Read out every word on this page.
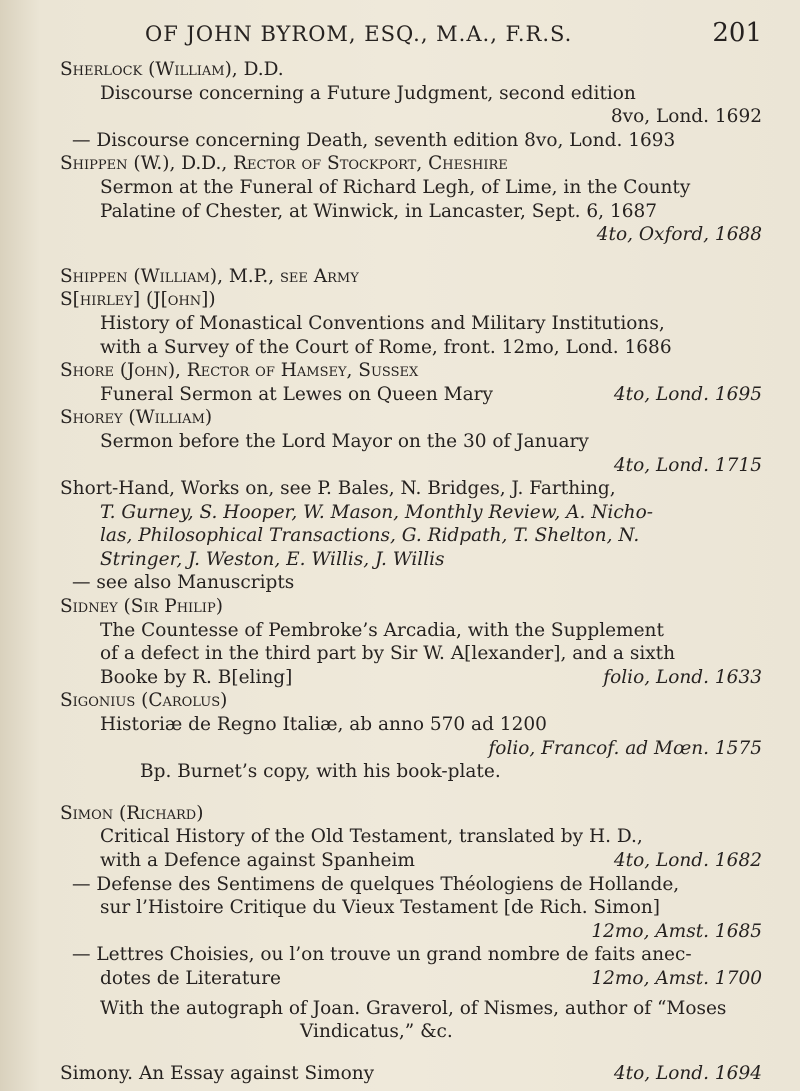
OF JOHN BYROM, ESQ., M.A., F.R.S.	201
Sherlock (William), D.D.
Discourse concerning a Future Judgment, second edition
8vo, Lond. 1692
— Discourse concerning Death, seventh edition 8vo, Lond. 1693
Shippen (W.), D.D., Rector of Stockport, Cheshire
Sermon at the Funeral of Richard Legh, of Lime, in the County
Palatine of Chester, at Winwick, in Lancaster, Sept. 6, 1687
4to, Oxford, 1688
Shippen (William), M.P., see Army
S[hirley] (J[ohn])
History of Monastical Conventions and Military Institutions,
with a Survey of the Court of Rome, front. 12mo, Lond. 1686
Shore (John), Rector of Hamsey, Sussex
Funeral Sermon at Lewes on Queen Mary	4to, Lond. 1695
Shorey (William)
Sermon before the Lord Mayor on the 30 of January
4to, Lond. 1715
Short-Hand, Works on, see P. Bales, N. Bridges, J. Farthing,
T. Gurney, S. Hooper, W. Mason, Monthly Review, A. Nicho-
las, Philosophical Transactions, G. Ridpath, T. Shelton, N.
Stringer, J. Weston, E. Willis, J. Willis
— see also Manuscripts
Sidney (Sir Philip)
The Countesse of Pembroke’s Arcadia, with the Supplement
of a defect in the third part by Sir W. A[lexander], and a sixth
Booke by R. B[eling]	folio, Lond. 1633
Sigonius (Carolus)
Historiæ de Regno Italiæ, ab anno 570 ad 1200
folio, Francof. ad Mœn. 1575
Bp. Burnet’s copy, with his book-plate.
Simon (Richard)
Critical History of the Old Testament, translated by H. D.,
with a Defence against Spanheim	4to, Lond. 1682
— Defense des Sentimens de quelques Théologiens de Hollande,
sur l’Histoire Critique du Vieux Testament [de Rich. Simon]
12mo, Amst. 1685
— Lettres Choisies, ou l’on trouve un grand nombre de faits anec-
dotes de Literature	12mo, Amst. 1700
With the autograph of Joan. Graverol, of Nismes, author of “Moses
Vindicatus,” &c.
Simony. An Essay against Simony	4to, Lond. 1694
